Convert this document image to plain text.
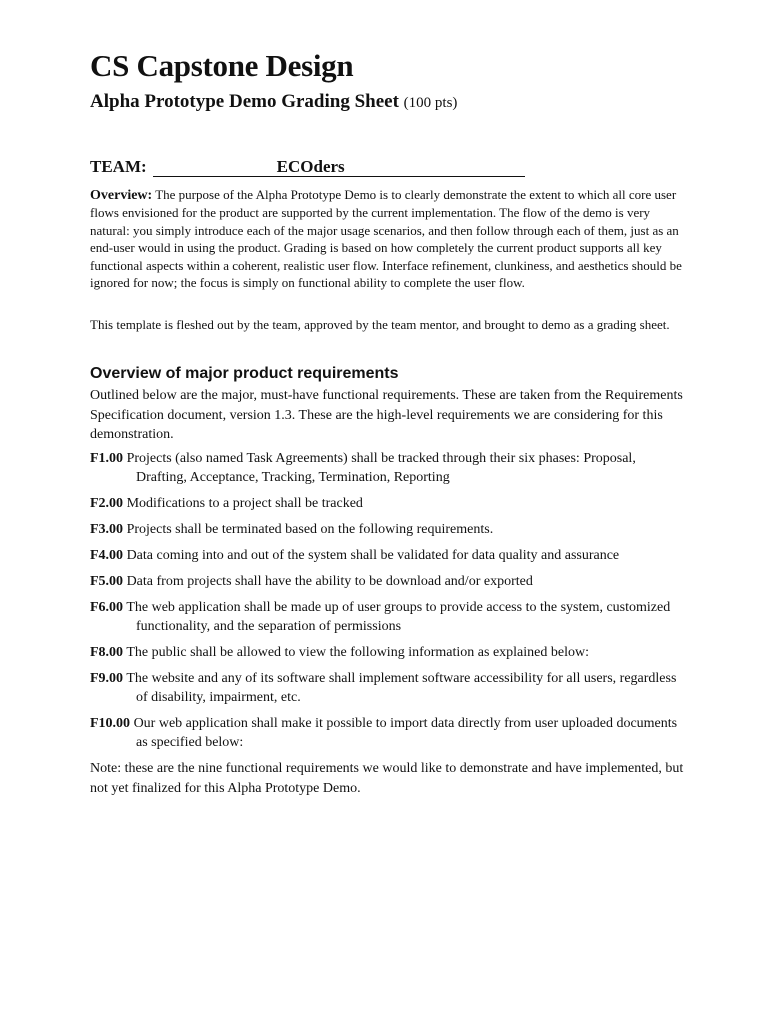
CS Capstone Design
Alpha Prototype Demo Grading Sheet (100 pts)
TEAM:	ECOders

Overview: The purpose of the Alpha Prototype Demo is to clearly demonstrate the extent to which all core user flows envisioned for the product are supported by the current implementation. The flow of the demo is very natural: you simply introduce each of the major usage scenarios, and then follow through each of them, just as an end-user would in using the product. Grading is based on how completely the current product supports all key functional aspects within a coherent, realistic user flow. Interface refinement, clunkiness, and aesthetics should be ignored for now; the focus is simply on functional ability to complete the user flow.

This template is fleshed out by the team, approved by the team mentor, and brought to demo as a grading sheet.

Overview of major product requirements

Outlined below are the major, must-have functional requirements. These are taken from the Requirements Specification document, version 1.3. These are the high-level requirements we are considering for this demonstration.

F1.00 Projects (also named Task Agreements) shall be tracked through their six phases: Proposal, Drafting, Acceptance, Tracking, Termination, Reporting
F2.00 Modifications to a project shall be tracked
F3.00 Projects shall be terminated based on the following requirements.
F4.00 Data coming into and out of the system shall be validated for data quality and assurance
F5.00 Data from projects shall have the ability to be download and/or exported
F6.00 The web application shall be made up of user groups to provide access to the system, customized functionality, and the separation of permissions
F8.00 The public shall be allowed to view the following information as explained below:
F9.00 The website and any of its software shall implement software accessibility for all users, regardless of disability, impairment, etc.
F10.00 Our web application shall make it possible to import data directly from user uploaded documents as specified below:

Note: these are the nine functional requirements we would like to demonstrate and have implemented, but not yet finalized for this Alpha Prototype Demo.
